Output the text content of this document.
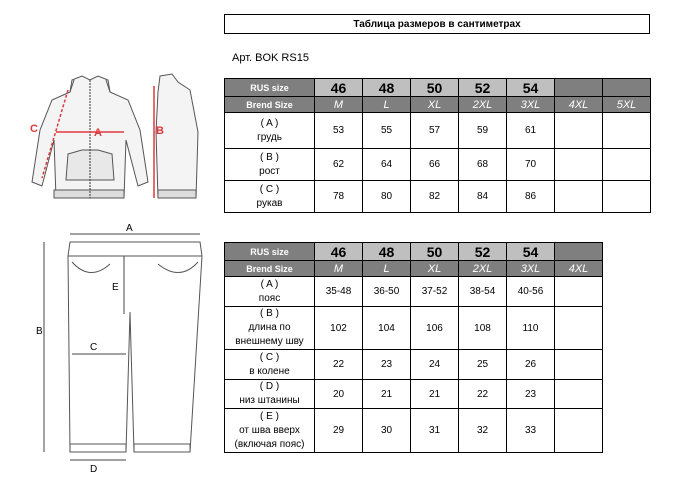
Таблица размеров в сантиметрах
Арт. BOK RS15
RUS size	46	48	50	52	54		
Brend Size	M	L	XL	2XL	3XL	4XL	5XL

( A )
грудь	53	55	57	59	61		

( B )
рост	62	64	66	68	70		

( C )
рукав	78	80	82	84	86		
RUS size	46	48	50	52	54	
Brend Size	M	L	XL	2XL	3XL	4XL

( A )
пояс	35-48	36-50	37-52	38-54	40-56	

( B )
длина по внешнему шву	102	104	106	108	110	

( C )
в колене	22	23	24	25	26	

( D )
низ штанины	20	21	21	22	23	

( E )
от шва вверх (включая пояс)	29	30	31	32	33	
A
C	B
A
B
C
D
E
